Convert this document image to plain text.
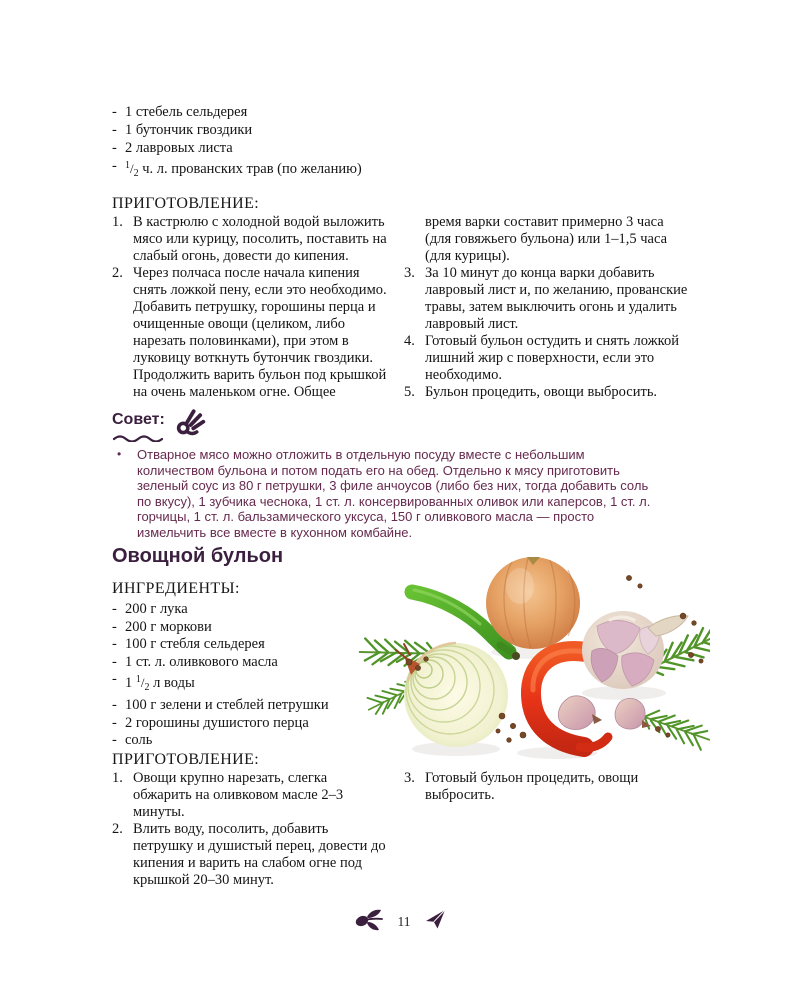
- 1 стебель сельдерея
- 1 бутончик гвоздики
- 2 лавровых листа
- $^1/_2$ ч. л. прованских трав (по желанию)
ПРИГОТОВЛЕНИЕ:
1. В кастрюлю с холодной водой выложить мясо или курицу, посолить, поставить на слабый огонь, довести до кипения.
2. Через полчаса после начала кипения снять ложкой пену, если это необходимо. Добавить петрушку, горошины перца и очищенные овощи (целиком, либо нарезать половинками), при этом в луковицу воткнуть бутончик гвоздики. Продолжить варить бульон под крышкой на очень маленьком огне. Общее
время варки составит примерно 3 часа (для говяжьего бульона) или 1–1,5 часа (для курицы).
3. За 10 минут до конца варки добавить лавровый лист и, по желанию, прованские травы, затем выключить огонь и удалить лавровый лист.
4. Готовый бульон остудить и снять ложкой лишний жир с поверхности, если это необходимо.
5. Бульон процедить, овощи выбросить.
Совет:
•	Отварное мясо можно отложить в отдельную посуду вместе с небольшим количеством бульона и потом подать его на обед. Отдельно к мясу приготовить зеленый соус из 80 г петрушки, 3 филе анчоусов (либо без них, тогда добавить соль по вкусу), 1 зубчика чеснока, 1 ст. л. консервированных оливок или каперсов, 1 ст. л. горчицы, 1 ст. л. бальзамического уксуса, 150 г оливкового масла — просто измельчить все вместе в кухонном комбайне.
Овощной бульон
ИНГРЕДИЕНТЫ:
- 200 г лука
- 200 г моркови
- 100 г стебля сельдерея
- 1 ст. л. оливкового масла
- 1 $^1/_2$ л воды
- 100 г зелени и стеблей петрушки
- 2 горошины душистого перца
- соль
ПРИГОТОВЛЕНИЕ:
1. Овощи крупно нарезать, слегка обжарить на оливковом масле 2–3 минуты.
2. Влить воду, посолить, добавить петрушку и душистый перец, довести до кипения и варить на слабом огне под крышкой 20–30 минут.
3. Готовый бульон процедить, овощи выбросить.
11
